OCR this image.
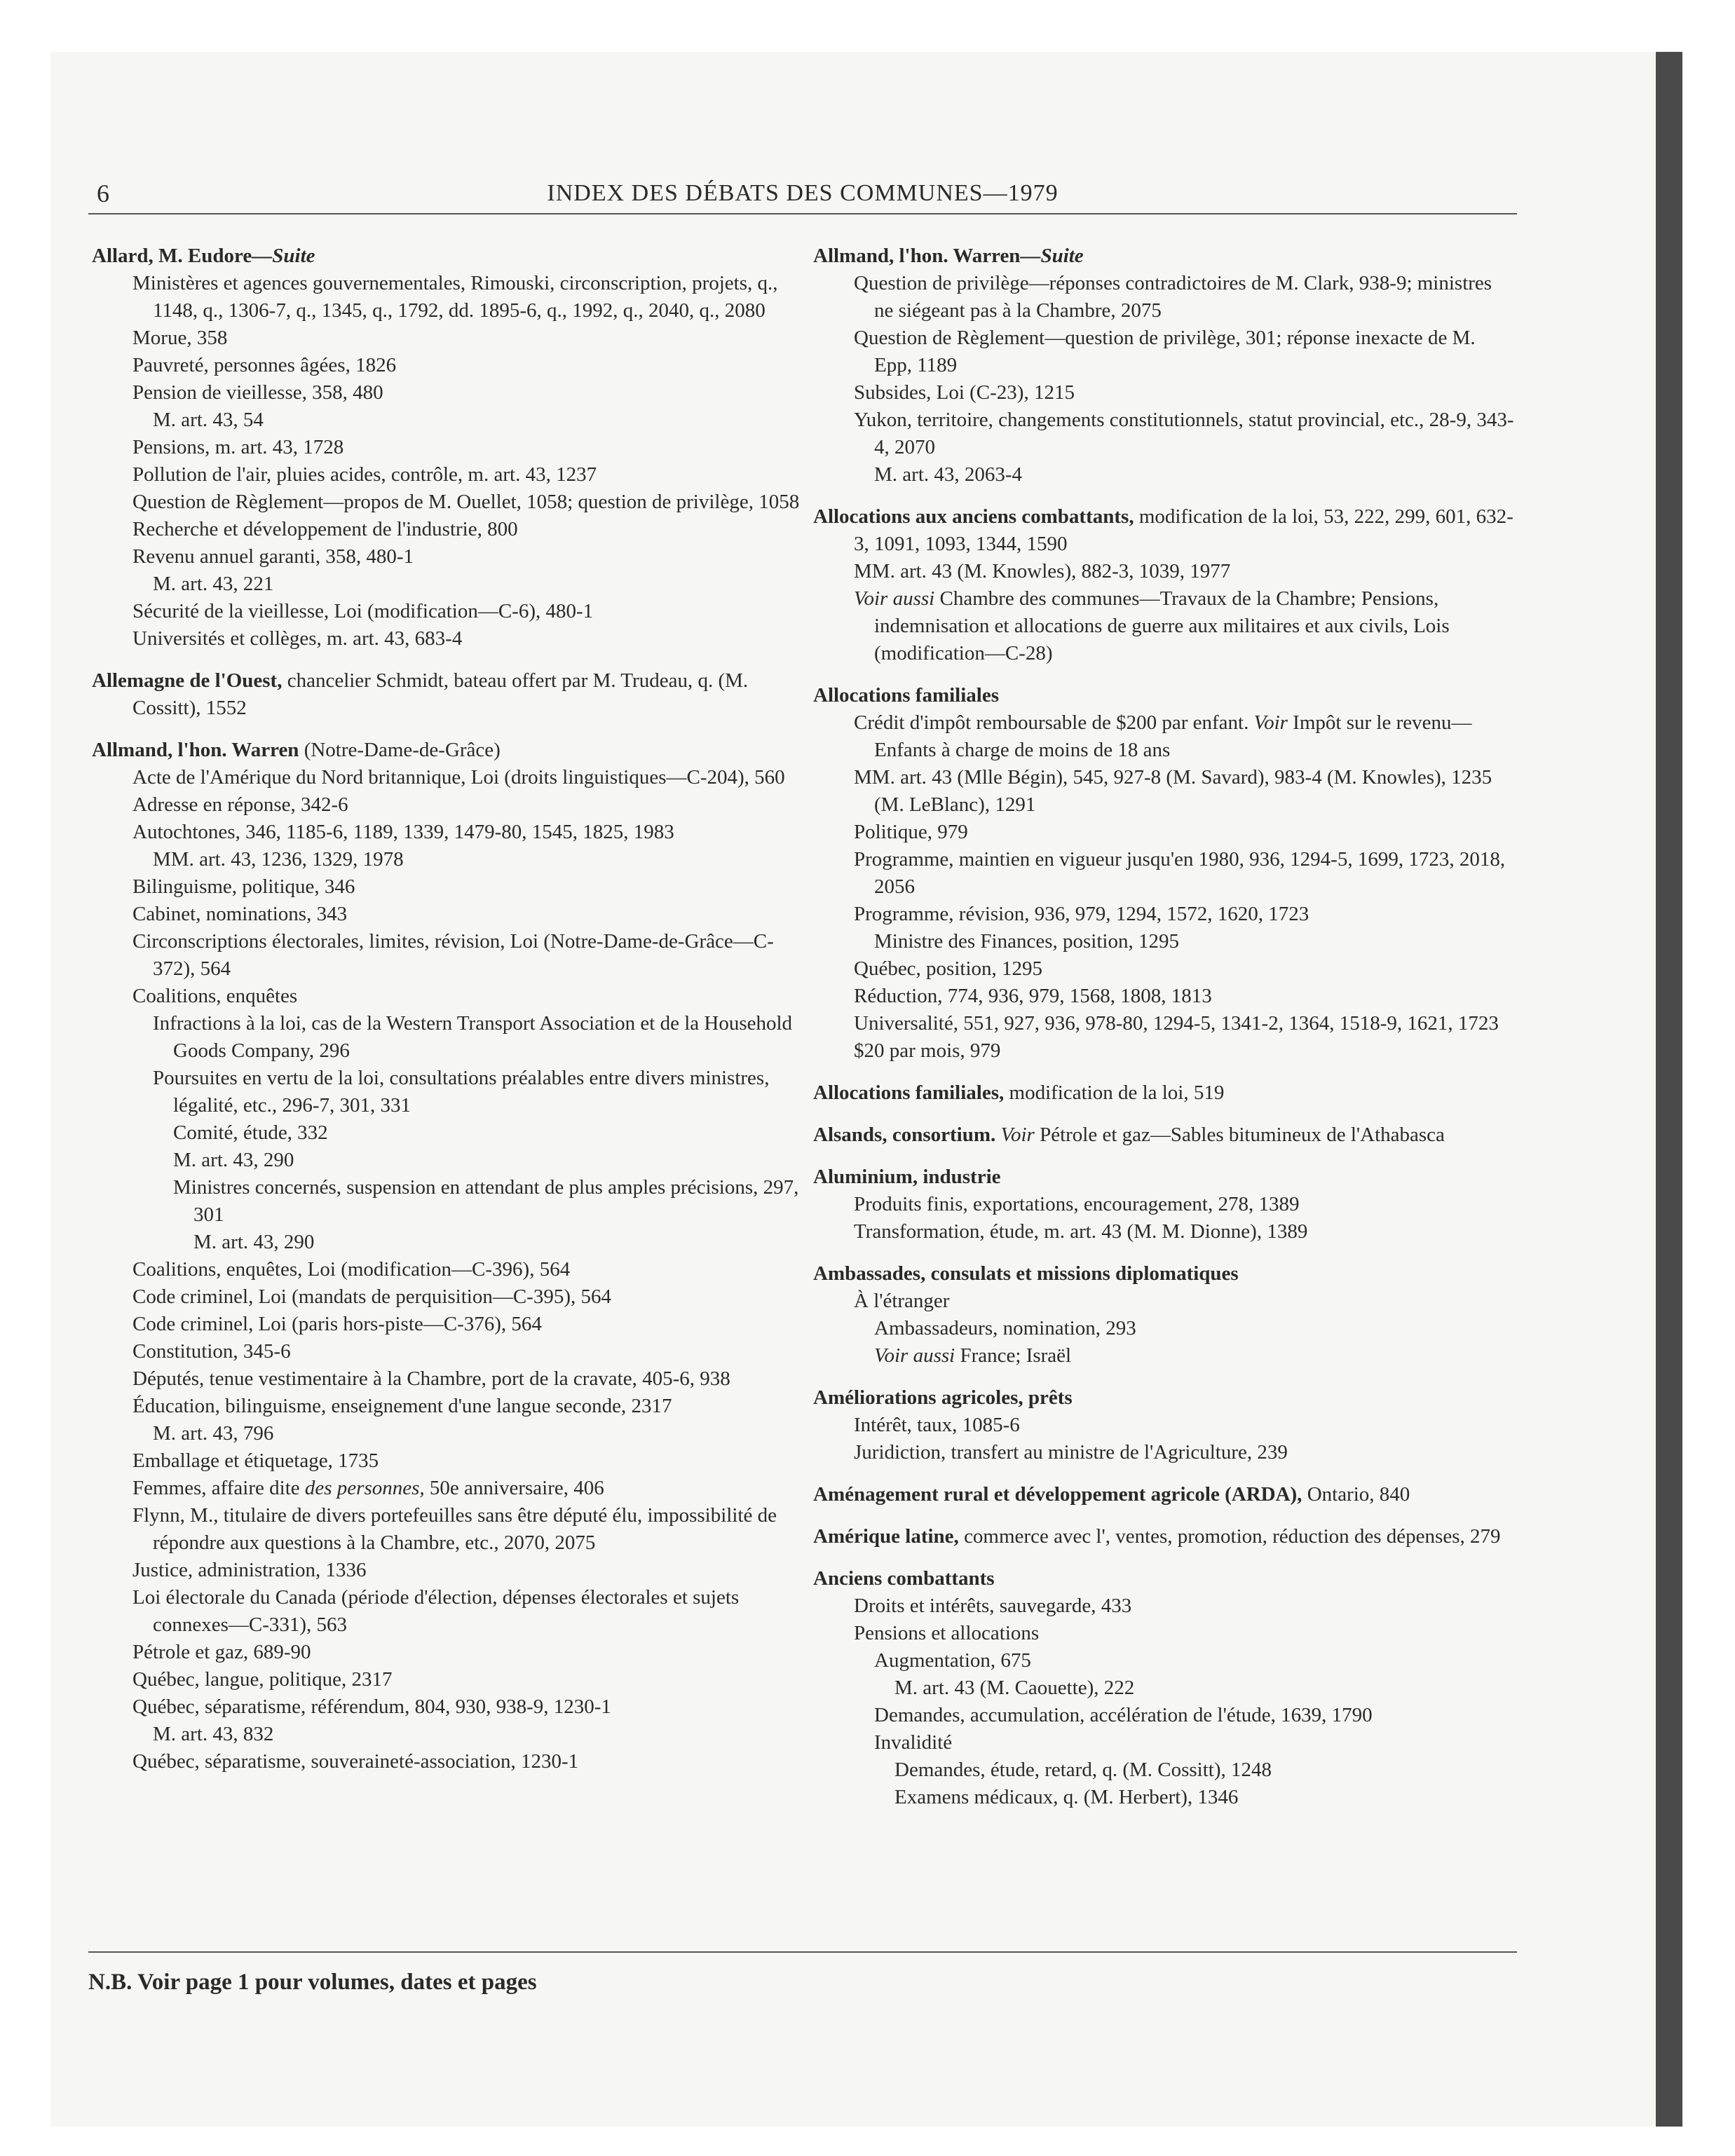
6	INDEX DES DÉBATS DES COMMUNES—1979
Allard, M. Eudore—Suite
Ministères et agences gouvernementales, Rimouski, circonscription, projets, q., 1148, q., 1306-7, q., 1345, q., 1792, dd. 1895-6, q., 1992, q., 2040, q., 2080
Morue, 358
Pauvreté, personnes âgées, 1826
Pension de vieillesse, 358, 480
M. art. 43, 54
Pensions, m. art. 43, 1728
Pollution de l'air, pluies acides, contrôle, m. art. 43, 1237
Question de Règlement—propos de M. Ouellet, 1058; question de privilège, 1058
Recherche et développement de l'industrie, 800
Revenu annuel garanti, 358, 480-1
M. art. 43, 221
Sécurité de la vieillesse, Loi (modification—C-6), 480-1
Universités et collèges, m. art. 43, 683-4
Allemagne de l'Ouest, chancelier Schmidt, bateau offert par M. Trudeau, q. (M. Cossitt), 1552
Allmand, l'hon. Warren (Notre-Dame-de-Grâce)
Acte de l'Amérique du Nord britannique, Loi (droits linguistiques—C-204), 560
Adresse en réponse, 342-6
Autochtones, 346, 1185-6, 1189, 1339, 1479-80, 1545, 1825, 1983
MM. art. 43, 1236, 1329, 1978
Bilinguisme, politique, 346
Cabinet, nominations, 343
Circonscriptions électorales, limites, révision, Loi (Notre-Dame-de-Grâce—C-372), 564
Coalitions, enquêtes
Infractions à la loi, cas de la Western Transport Association et de la Household Goods Company, 296
Poursuites en vertu de la loi, consultations préalables entre divers ministres, légalité, etc., 296-7, 301, 331
Comité, étude, 332
M. art. 43, 290
Ministres concernés, suspension en attendant de plus amples précisions, 297, 301
M. art. 43, 290
Coalitions, enquêtes, Loi (modification—C-396), 564
Code criminel, Loi (mandats de perquisition—C-395), 564
Code criminel, Loi (paris hors-piste—C-376), 564
Constitution, 345-6
Députés, tenue vestimentaire à la Chambre, port de la cravate, 405-6, 938
Éducation, bilinguisme, enseignement d'une langue seconde, 2317
M. art. 43, 796
Emballage et étiquetage, 1735
Femmes, affaire dite des personnes, 50e anniversaire, 406
Flynn, M., titulaire de divers portefeuilles sans être député élu, impossibilité de répondre aux questions à la Chambre, etc., 2070, 2075
Justice, administration, 1336
Loi électorale du Canada (période d'élection, dépenses électorales et sujets connexes—C-331), 563
Pétrole et gaz, 689-90
Québec, langue, politique, 2317
Québec, séparatisme, référendum, 804, 930, 938-9, 1230-1
M. art. 43, 832
Québec, séparatisme, souveraineté-association, 1230-1
Allmand, l'hon. Warren—Suite
Question de privilège—réponses contradictoires de M. Clark, 938-9; ministres ne siégeant pas à la Chambre, 2075
Question de Règlement—question de privilège, 301; réponse inexacte de M. Epp, 1189
Subsides, Loi (C-23), 1215
Yukon, territoire, changements constitutionnels, statut provincial, etc., 28-9, 343-4, 2070
M. art. 43, 2063-4
Allocations aux anciens combattants, modification de la loi, 53, 222, 299, 601, 632-3, 1091, 1093, 1344, 1590
MM. art. 43 (M. Knowles), 882-3, 1039, 1977
Voir aussi Chambre des communes—Travaux de la Chambre; Pensions, indemnisation et allocations de guerre aux militaires et aux civils, Lois (modification—C-28)
Allocations familiales
Crédit d'impôt remboursable de $200 par enfant. Voir Impôt sur le revenu—Enfants à charge de moins de 18 ans
MM. art. 43 (Mlle Bégin), 545, 927-8 (M. Savard), 983-4 (M. Knowles), 1235 (M. LeBlanc), 1291
Politique, 979
Programme, maintien en vigueur jusqu'en 1980, 936, 1294-5, 1699, 1723, 2018, 2056
Programme, révision, 936, 979, 1294, 1572, 1620, 1723
Ministre des Finances, position, 1295
Québec, position, 1295
Réduction, 774, 936, 979, 1568, 1808, 1813
Universalité, 551, 927, 936, 978-80, 1294-5, 1341-2, 1364, 1518-9, 1621, 1723
$20 par mois, 979
Allocations familiales, modification de la loi, 519
Alsands, consortium. Voir Pétrole et gaz—Sables bitumineux de l'Athabasca
Aluminium, industrie
Produits finis, exportations, encouragement, 278, 1389
Transformation, étude, m. art. 43 (M. M. Dionne), 1389
Ambassades, consulats et missions diplomatiques
À l'étranger
Ambassadeurs, nomination, 293
Voir aussi France; Israël
Améliorations agricoles, prêts
Intérêt, taux, 1085-6
Juridiction, transfert au ministre de l'Agriculture, 239
Aménagement rural et développement agricole (ARDA), Ontario, 840
Amérique latine, commerce avec l', ventes, promotion, réduction des dépenses, 279
Anciens combattants
Droits et intérêts, sauvegarde, 433
Pensions et allocations
Augmentation, 675
M. art. 43 (M. Caouette), 222
Demandes, accumulation, accélération de l'étude, 1639, 1790
Invalidité
Demandes, étude, retard, q. (M. Cossitt), 1248
Examens médicaux, q. (M. Herbert), 1346
N.B. Voir page 1 pour volumes, dates et pages
